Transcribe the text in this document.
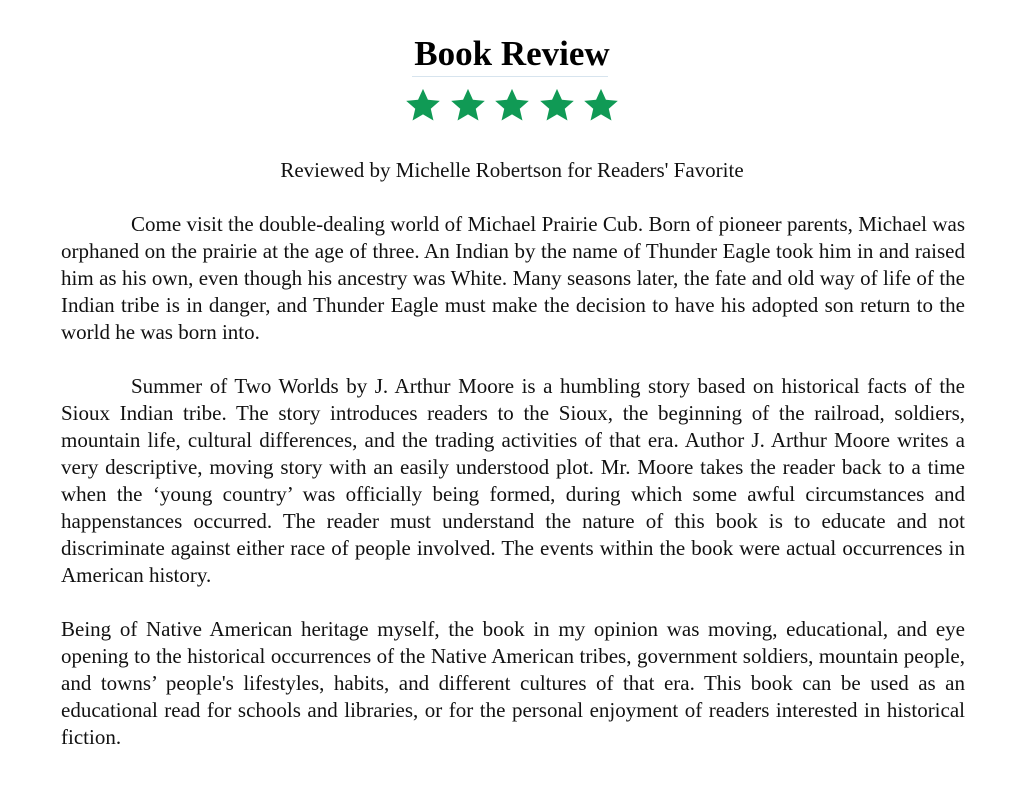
Book Review
Reviewed by Michelle Robertson for Readers' Favorite

Come visit the double-dealing world of Michael Prairie Cub. Born of pioneer parents, Michael was orphaned on the prairie at the age of three. An Indian by the name of Thunder Eagle took him in and raised him as his own, even though his ancestry was White. Many seasons later, the fate and old way of life of the Indian tribe is in danger, and Thunder Eagle must make the decision to have his adopted son return to the world he was born into.

Summer of Two Worlds by J. Arthur Moore is a humbling story based on historical facts of the Sioux Indian tribe. The story introduces readers to the Sioux, the beginning of the railroad, soldiers, mountain life, cultural differences, and the trading activities of that era. Author J. Arthur Moore writes a very descriptive, moving story with an easily understood plot. Mr. Moore takes the reader back to a time when the ‘young country’ was officially being formed, during which some awful circumstances and happenstances occurred. The reader must understand the nature of this book is to educate and not discriminate against either race of people involved. The events within the book were actual occurrences in American history.

Being of Native American heritage myself, the book in my opinion was moving, educational, and eye opening to the historical occurrences of the Native American tribes, government soldiers, mountain people, and towns’ people's lifestyles, habits, and different cultures of that era. This book can be used as an educational read for schools and libraries, or for the personal enjoyment of readers interested in historical fiction.
